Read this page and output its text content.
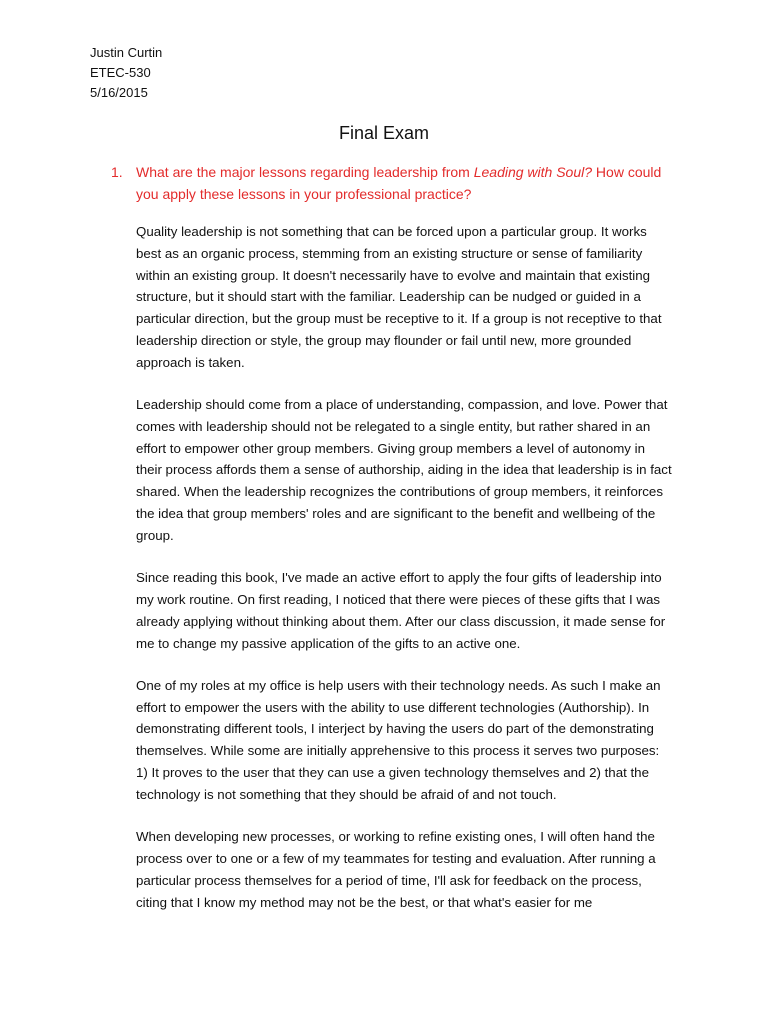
Justin Curtin
ETEC-530
5/16/2015
Final Exam
1. What are the major lessons regarding leadership from Leading with Soul? How could you apply these lessons in your professional practice?

Quality leadership is not something that can be forced upon a particular group. It works best as an organic process, stemming from an existing structure or sense of familiarity within an existing group. It doesn't necessarily have to evolve and maintain that existing structure, but it should start with the familiar. Leadership can be nudged or guided in a particular direction, but the group must be receptive to it. If a group is not receptive to that leadership direction or style, the group may flounder or fail until new, more grounded approach is taken.

Leadership should come from a place of understanding, compassion, and love. Power that comes with leadership should not be relegated to a single entity, but rather shared in an effort to empower other group members. Giving group members a level of autonomy in their process affords them a sense of authorship, aiding in the idea that leadership is in fact shared. When the leadership recognizes the contributions of group members, it reinforces the idea that group members' roles and are significant to the benefit and wellbeing of the group.

Since reading this book, I've made an active effort to apply the four gifts of leadership into my work routine. On first reading, I noticed that there were pieces of these gifts that I was already applying without thinking about them. After our class discussion, it made sense for me to change my passive application of the gifts to an active one.

One of my roles at my office is help users with their technology needs. As such I make an effort to empower the users with the ability to use different technologies (Authorship). In demonstrating different tools, I interject by having the users do part of the demonstrating themselves. While some are initially apprehensive to this process it serves two purposes: 1) It proves to the user that they can use a given technology themselves and 2) that the technology is not something that they should be afraid of and not touch.

When developing new processes, or working to refine existing ones, I will often hand the process over to one or a few of my teammates for testing and evaluation. After running a particular process themselves for a period of time, I'll ask for feedback on the process, citing that I know my method may not be the best, or that what's easier for me
